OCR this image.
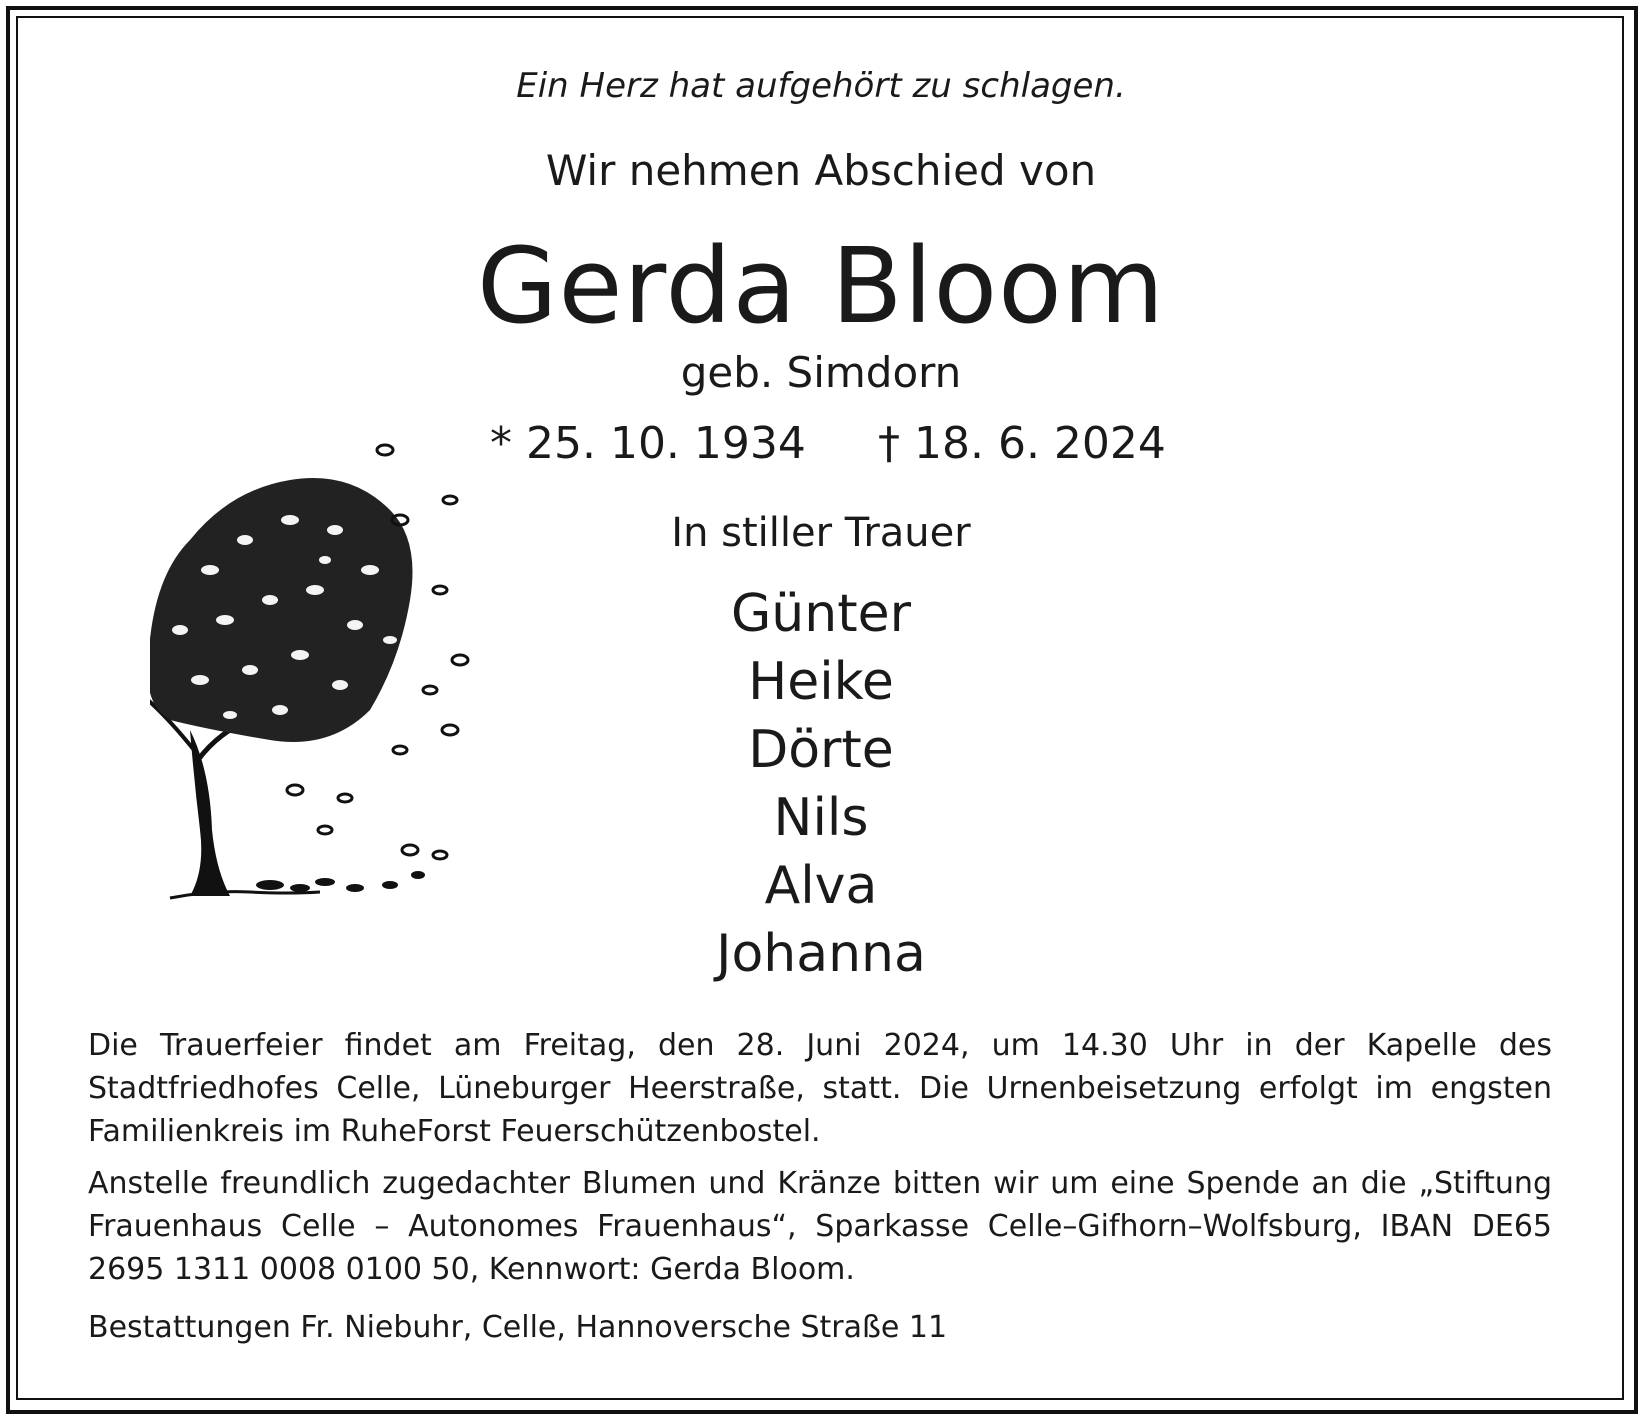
Ein Herz hat aufgehört zu schlagen.
Wir nehmen Abschied von
Gerda Bloom
geb. Simdorn
* 25. 10. 1934 † 18. 6. 2024
In stiller Trauer
Günter
Heike
Dörte
Nils
Alva
Johanna
Die Trauerfeier findet am Freitag, den 28. Juni 2024, um 14.30 Uhr in der Kapelle des Stadtfriedhofes Celle, Lüneburger Heerstraße, statt. Die Urnenbeisetzung erfolgt im engsten Familienkreis im RuheForst Feuerschützenbostel.
Anstelle freundlich zugedachter Blumen und Kränze bitten wir um eine Spende an die „Stiftung Frauenhaus Celle – Autonomes Frauenhaus“, Sparkasse Celle–Gifhorn–Wolfsburg, IBAN DE65 2695 1311 0008 0100 50, Kennwort: Gerda Bloom.
Bestattungen Fr. Niebuhr, Celle, Hannoversche Straße 11
